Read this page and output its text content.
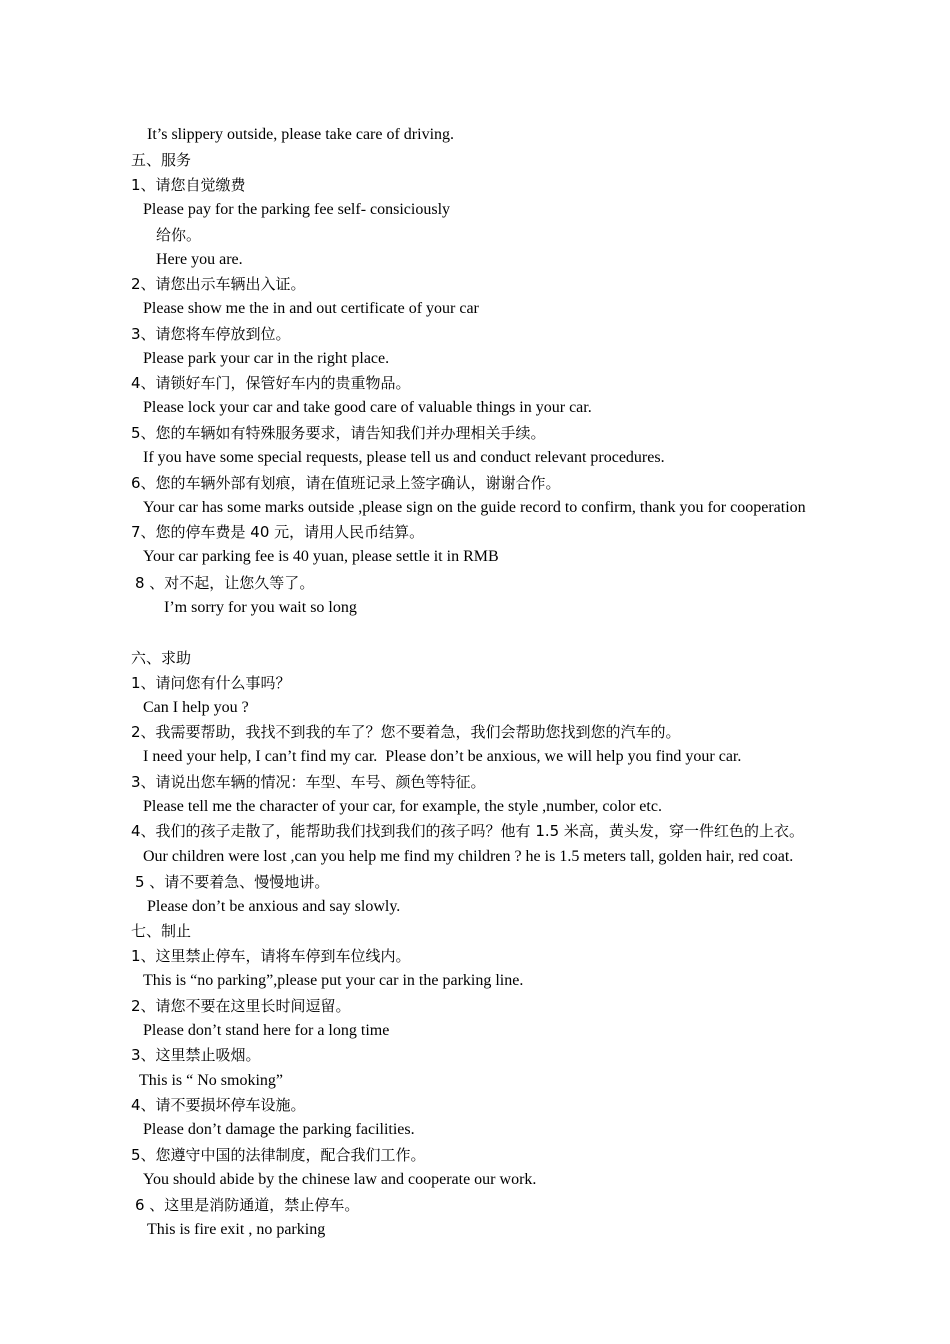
It’s slippery outside, please take care of driving.
五、服务
1、请您自觉缴费
Please pay for the parking fee self- consiciously
给你。
Here you are.
2、请您出示车辆出入证。
Please show me the in and out certificate of your car
3、请您将车停放到位。
Please park your car in the right place.
4、请锁好车门，保管好车内的贵重物品。
Please lock your car and take good care of valuable things in your car.
5、您的车辆如有特殊服务要求，请告知我们并办理相关手续。
If you have some special requests, please tell us and conduct relevant procedures.
6、您的车辆外部有划痕，请在值班记录上签字确认，谢谢合作。
Your car has some marks outside ,please sign on the guide record to confirm, thank you for cooperation
7、您的停车费是 40 元，请用人民币结算。
Your car parking fee is 40 yuan, please settle it in RMB
8 、对不起，让您久等了。
I’m sorry for you wait so long
六、求助
1、请问您有什么事吗？
Can I help you ?
2、我需要帮助，我找不到我的车了？您不要着急，我们会帮助您找到您的汽车的。
I need your help, I can’t find my car.  Please don’t be anxious, we will help you find your car.
3、请说出您车辆的情况：车型、车号、颜色等特征。
Please tell me the character of your car, for example, the style ,number, color etc.
4、我们的孩子走散了，能帮助我们找到我们的孩子吗？他有 1.5 米高，黄头发，穿一件红色的上衣。
Our children were lost ,can you help me find my children ? he is 1.5 meters tall, golden hair, red coat.
5 、请不要着急、慢慢地讲。
Please don’t be anxious and say slowly.
七、制止
1、这里禁止停车，请将车停到车位线内。
This is “no parking”,please put your car in the parking line.
2、请您不要在这里长时间逗留。
Please don’t stand here for a long time
3、这里禁止吸烟。
This is “ No smoking”
4、请不要损坏停车设施。
Please don’t damage the parking facilities.
5、您遵守中国的法律制度，配合我们工作。
You should abide by the chinese law and cooperate our work.
6 、这里是消防通道，禁止停车。
This is fire exit , no parking
